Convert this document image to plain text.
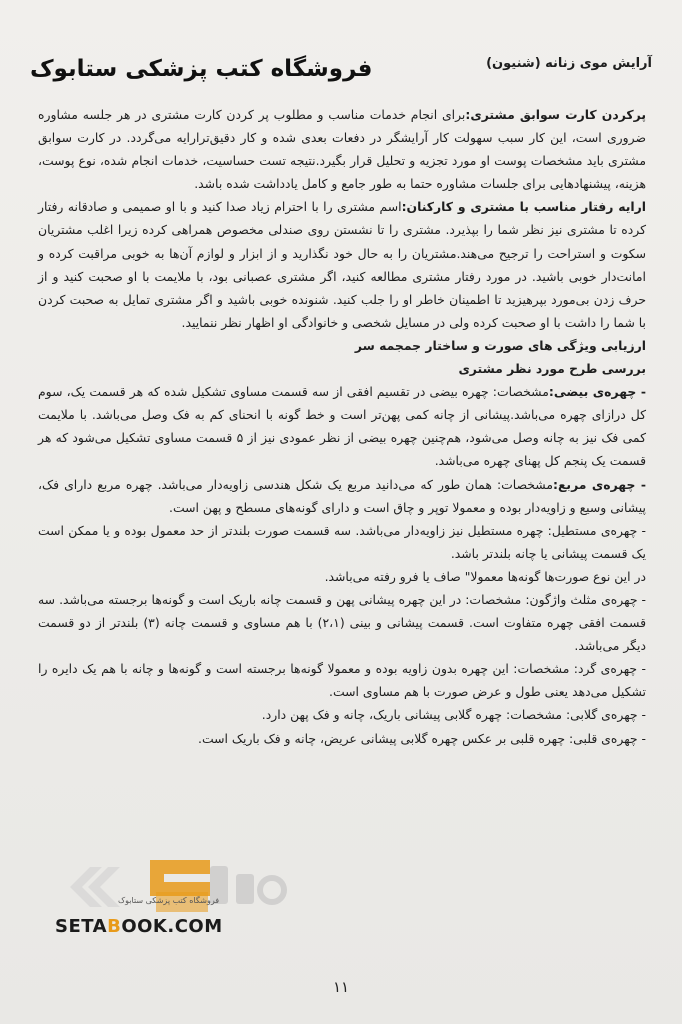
آرایش موی زنانه (شنیون)
فروشگاه کتب پزشکی ستابوک

پرکردن کارت سوابق مشتری:برای انجام خدمات مناسب و مطلوب پر کردن کارت مشتری در هر جلسه مشاوره ضروری است، این کار سبب سهولت کار آرایشگر در دفعات بعدی شده و کار دقیق‌ترارایه می‌گردد. در کارت سوابق مشتری باید مشخصات پوست او مورد تجزیه و تحلیل قرار بگیرد.نتیجه تست حساسیت، خدمات انجام شده، نوع پوست، هزینه، پیشنهادهایی برای جلسات مشاوره حتما به طور جامع و کامل یادداشت شده باشد.

ارایه رفتار مناسب با مشتری و کارکنان:اسم مشتری را با احترام زیاد صدا کنید و با او صمیمی و صادقانه رفتار کرده تا مشتری نیز نظر شما را بپذیرد. مشتری را تا نشستن روی صندلی مخصوص همراهی کرده زیرا اغلب مشتریان سکوت و استراحت را ترجیح می‌هند.مشتریان را به حال خود نگذارید و از ابزار و لوازم آن‌ها به خوبی مراقبت کرده و امانت‌دار خوبی باشید. در مورد رفتار مشتری مطالعه کنید، اگر مشتری عصبانی بود، با ملایمت با او صحبت کنید و از حرف زدن بی‌مورد بپرهیزید تا اطمینان خاطر او را جلب کنید. شنونده خوبی باشید و اگر مشتری تمایل به صحبت کردن با شما را داشت با او صحبت کرده ولی در مسایل شخصی و خانوادگی او اظهار نظر ننمایید.

ارزیابی ویژگی های صورت و ساختار جمجمه سر

بررسی طرح مورد نظر مشتری

- چهره‌ی بیضی:مشخصات: چهره بیضی در تقسیم افقی از سه قسمت مساوی تشکیل شده که هر قسمت یک، سوم کل درازای چهره می‌باشد.پیشانی از چانه کمی پهن‌تر است و خط گونه با انحنای کم به فک وصل می‌باشد. با ملایمت کمی فک نیز به چانه وصل می‌شود، هم‌چنین چهره بیضی از نظر عمودی نیز از ۵ قسمت مساوی تشکیل می‌شود که هر قسمت یک پنجم کل پهنای چهره می‌باشد.

- چهره‌ی مربع:مشخصات: همان طور که می‌دانید مربع یک شکل هندسی زاویه‌دار می‌باشد. چهره مربع دارای فک، پیشانی وسیع و زاویه‌دار بوده و معمولا توپر و چاق است و دارای گونه‌های مسطح و پهن است.

- چهره‌ی مستطیل: چهره مستطیل نیز زاویه‌دار می‌باشد. سه قسمت صورت بلندتر از حد معمول بوده و یا ممکن است یک قسمت پیشانی یا چانه بلندتر باشد.

در این نوع صورت‌ها گونه‌ها معمولا" صاف یا فرو رفته می‌باشد.

- چهره‌ی مثلث واژگون: مشخصات: در این چهره پیشانی پهن و قسمت چانه باریک است و گونه‌ها برجسته می‌باشد. سه قسمت افقی چهره متفاوت است. قسمت پیشانی و بینی (۲،۱) با هم مساوی و قسمت چانه (۳) بلندتر از دو قسمت دیگر می‌باشد.

- چهره‌ی گرد: مشخصات: این چهره بدون زاویه بوده و معمولا گونه‌ها برجسته است و گونه‌ها و چانه با هم یک دایره را تشکیل می‌دهد یعنی طول و عرض صورت با هم مساوی است.

- چهره‌ی گلابی: مشخصات: چهره گلابی پیشانی باریک، چانه و فک پهن دارد.

- چهره‌ی قلبی: چهره قلبی بر عکس چهره گلابی پیشانی عریض، چانه و فک باریک است.

فروشگاه کتب پزشکی ستابوک
SETABOOK.COM
۱۱
